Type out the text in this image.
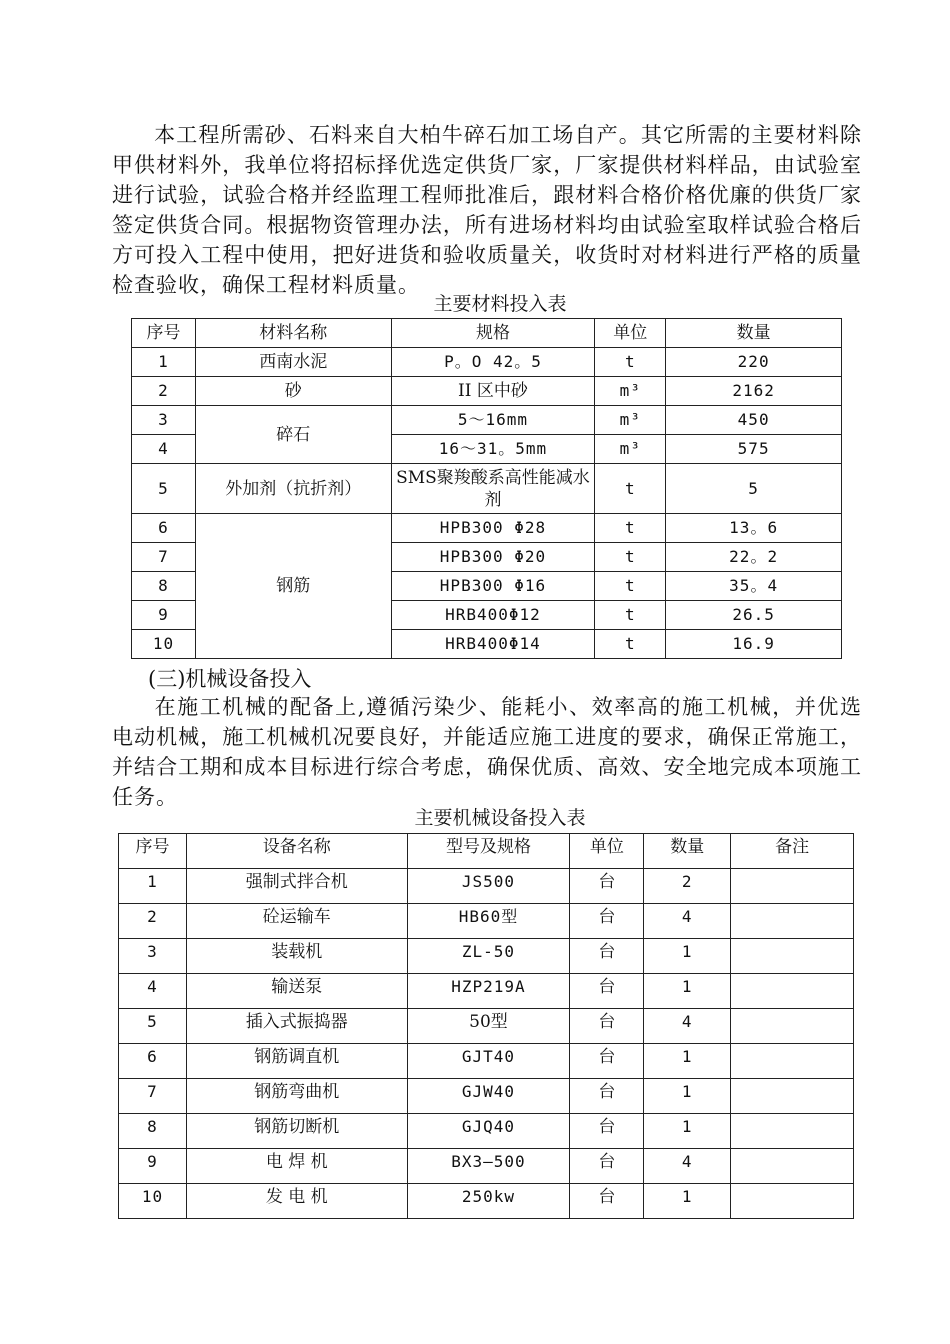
本工程所需砂、石料来自大柏牛碎石加工场自产。其它所需的主要材料除甲供材料外，我单位将招标择优选定供货厂家，厂家提供材料样品，由试验室进行试验，试验合格并经监理工程师批准后，跟材料合格价格优廉的供货厂家签定供货合同。根据物资管理办法，所有进场材料均由试验室取样试验合格后方可投入工程中使用，把好进货和验收质量关，收货时对材料进行严格的质量检查验收，确保工程材料质量。

主要材料投入表

序号	材料名称	规格	单位	数量
1	西南水泥	P。O 42。5	t	220
2	砂	II 区中砂	m³	2162
3	碎石	5～16mm	m³	450
4		16～31。5mm	m³	575
5	外加剂（抗折剂）	SMS聚羧酸系高性能减水剂	t	5
6	钢筋	HPB300 Φ28	t	13。6
7		HPB300 Φ20	t	22。2
8		HPB300 Φ16	t	35。4
9		HRB400Φ12	t	26.5
10		HRB400Φ14	t	16.9

(三)机械设备投入

在施工机械的配备上,遵循污染少、能耗小、效率高的施工机械，并优选电动机械，施工机械机况要良好，并能适应施工进度的要求，确保正常施工，并结合工期和成本目标进行综合考虑，确保优质、高效、安全地完成本项施工任务。

主要机械设备投入表

序号	设备名称	型号及规格	单位	数量	备注
1	强制式拌合机	JS500	台	2	
2	砼运输车	HB60型	台	4	
3	装载机	ZL-50	台	1	
4	输送泵	HZP219A	台	1	
5	插入式振捣器	50型	台	4	
6	钢筋调直机	GJT40	台	1	
7	钢筋弯曲机	GJW40	台	1	
8	钢筋切断机	GJQ40	台	1	
9	电 焊 机	BX3—500	台	4	
10	发 电 机	250kw	台	1	
